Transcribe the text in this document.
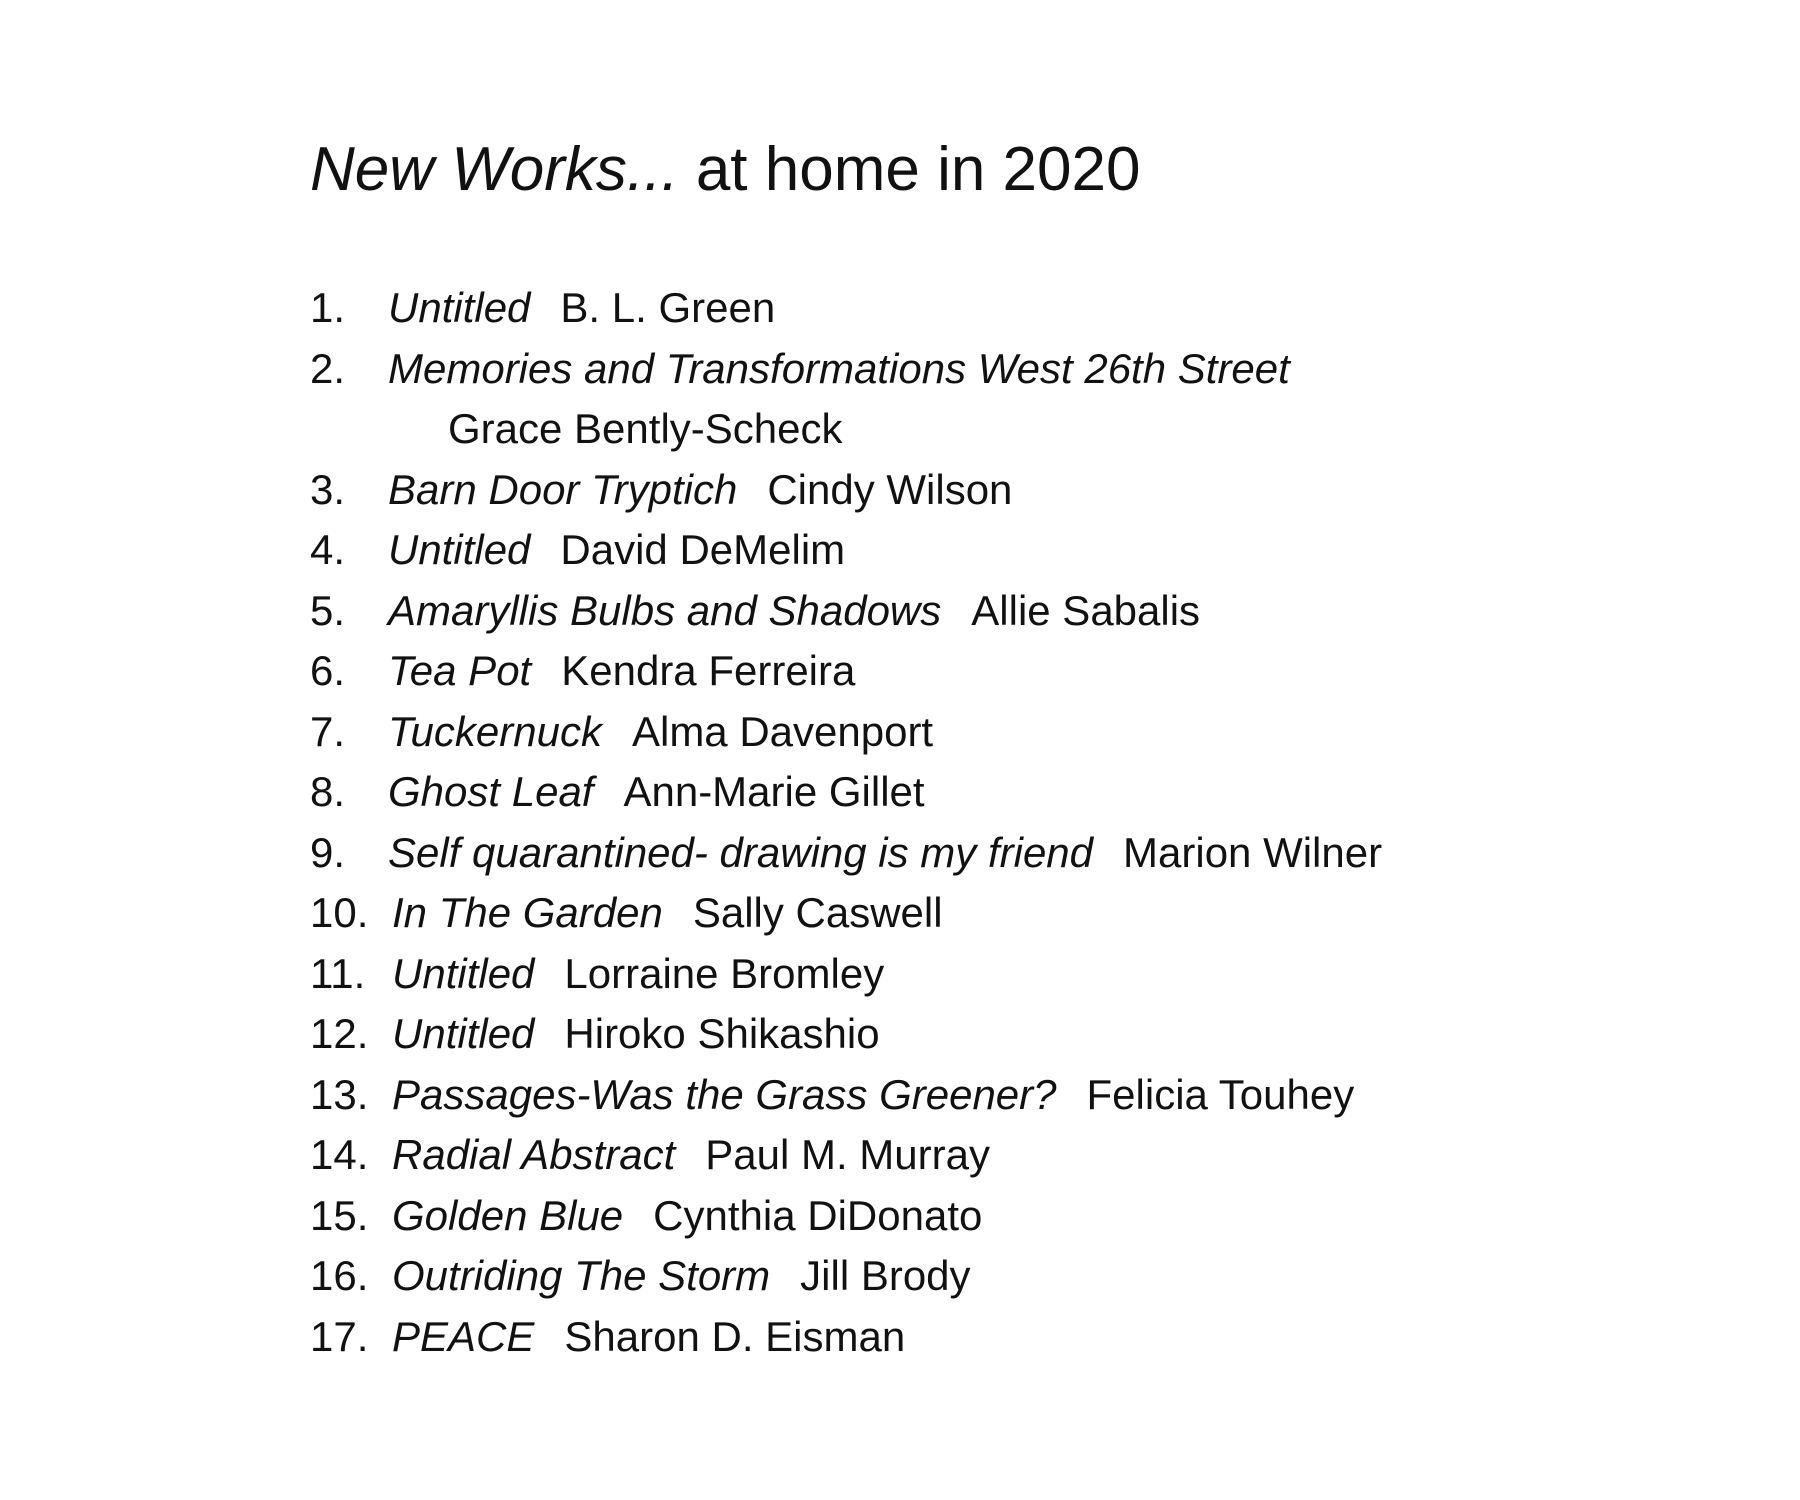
New Works... at home in 2020
1. Untitled B. L. Green
2. Memories and Transformations West 26th Street
Grace Bently-Scheck
3. Barn Door Tryptich Cindy Wilson
4. Untitled David DeMelim
5. Amaryllis Bulbs and Shadows Allie Sabalis
6. Tea Pot Kendra Ferreira
7. Tuckernuck Alma Davenport
8. Ghost Leaf Ann-Marie Gillet
9. Self quarantined- drawing is my friend Marion Wilner
10. In The Garden Sally Caswell
11. Untitled Lorraine Bromley
12. Untitled Hiroko Shikashio
13. Passages-Was the Grass Greener? Felicia Touhey
14. Radial Abstract Paul M. Murray
15. Golden Blue Cynthia DiDonato
16. Outriding The Storm Jill Brody
17. PEACE Sharon D. Eisman
